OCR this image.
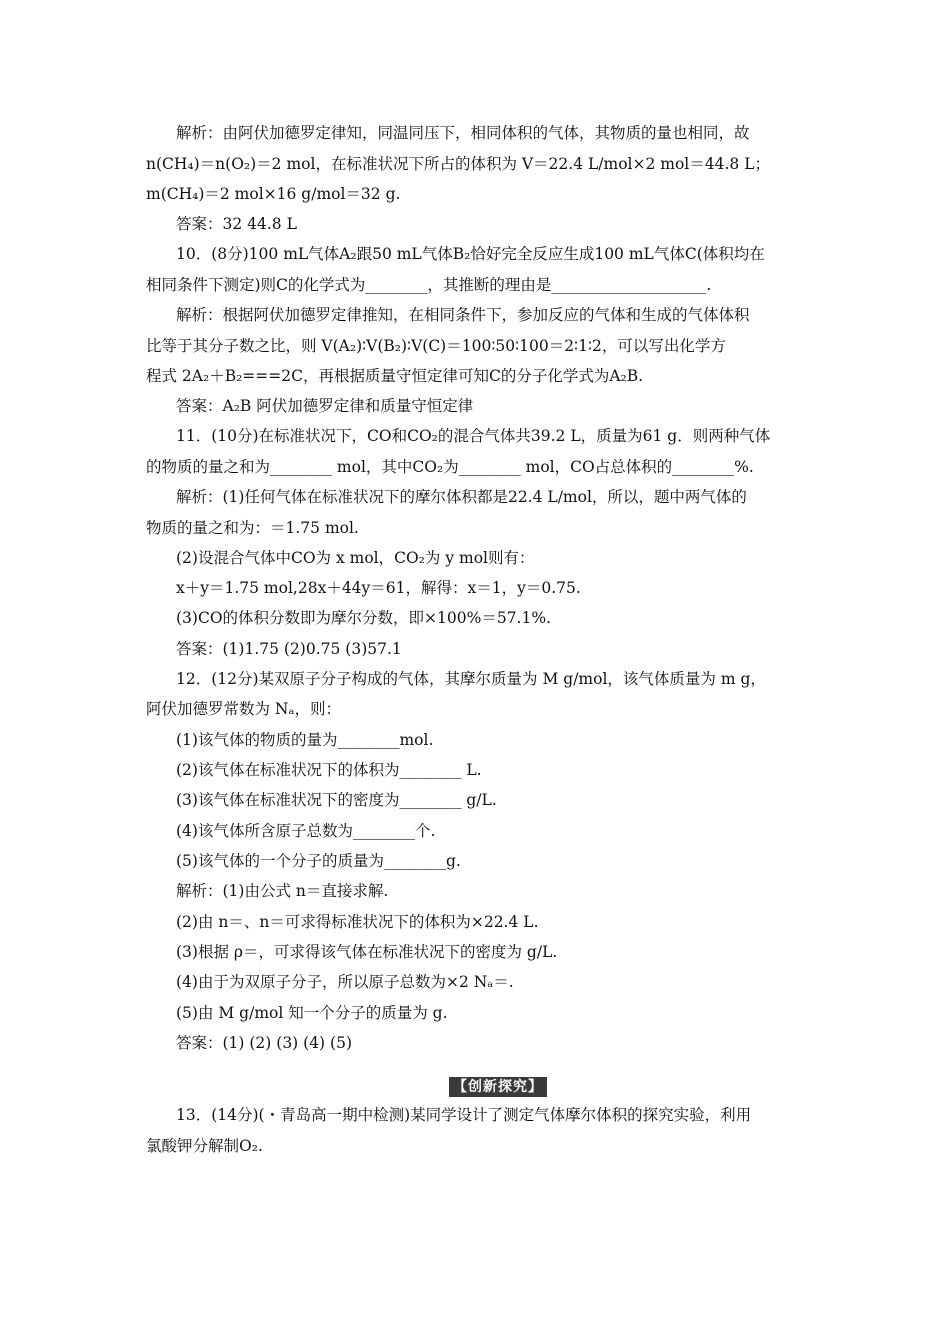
解析：由阿伏加德罗定律知，同温同压下，相同体积的气体，其物质的量也相同，故
n(CH₄)＝n(O₂)＝2 mol，在标准状况下所占的体积为 V＝22.4 L/mol×2 mol＝44.8 L；
m(CH₄)＝2 mol×16 g/mol＝32 g.
答案：32 44.8 L
10．(8分)100 mL气体A₂跟50 mL气体B₂恰好完全反应生成100 mL气体C(体积均在
相同条件下测定)则C的化学式为________，其推断的理由是____________________.
解析：根据阿伏加德罗定律推知，在相同条件下，参加反应的气体和生成的气体体积
比等于其分子数之比，则 V(A₂)∶V(B₂)∶V(C)＝100∶50∶100＝2∶1∶2，可以写出化学方
程式 2A₂＋B₂===2C，再根据质量守恒定律可知C的分子化学式为A₂B.
答案：A₂B 阿伏加德罗定律和质量守恒定律
11．(10分)在标准状况下，CO和CO₂的混合气体共39.2 L，质量为61 g．则两种气体
的物质的量之和为________ mol，其中CO₂为________ mol，CO占总体积的________%.
解析：(1)任何气体在标准状况下的摩尔体积都是22.4 L/mol，所以，题中两气体的
物质的量之和为：＝1.75 mol.
(2)设混合气体中CO为 x mol，CO₂为 y mol则有：
x＋y＝1.75 mol,28x＋44y＝61，解得：x＝1，y＝0.75.
(3)CO的体积分数即为摩尔分数，即×100%＝57.1%.
答案：(1)1.75 (2)0.75 (3)57.1
12．(12分)某双原子分子构成的气体，其摩尔质量为 M g/mol，该气体质量为 m g，
阿伏加德罗常数为 Nₐ，则：
(1)该气体的物质的量为________mol.
(2)该气体在标准状况下的体积为________ L.
(3)该气体在标准状况下的密度为________ g/L.
(4)该气体所含原子总数为________个.
(5)该气体的一个分子的质量为________g.
解析：(1)由公式 n＝直接求解.
(2)由 n＝、n＝可求得标准状况下的体积为×22.4 L.
(3)根据 ρ＝，可求得该气体在标准状况下的密度为 g/L.
(4)由于为双原子分子，所以原子总数为×2 Nₐ＝.
(5)由 M g/mol 知一个分子的质量为 g.
答案：(1) (2) (3) (4) (5)
【创新探究】
13．(14分)(・青岛高一期中检测)某同学设计了测定气体摩尔体积的探究实验，利用
氯酸钾分解制O₂.
